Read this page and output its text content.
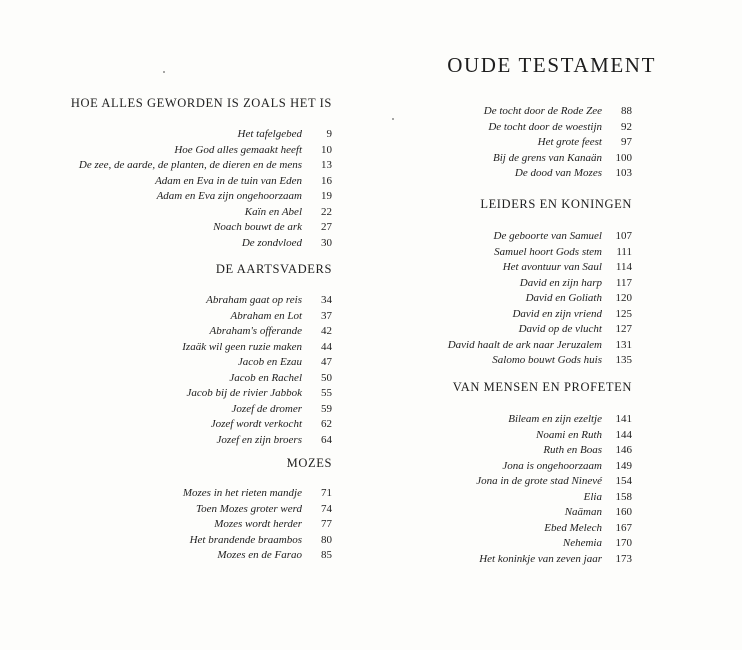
OUDE TESTAMENT
HOE ALLES GEWORDEN IS ZOALS HET IS
Het tafelgebed 9
Hoe God alles gemaakt heeft 10
De zee, de aarde, de planten, de dieren en de mens 13
Adam en Eva in de tuin van Eden 16
Adam en Eva zijn ongehoorzaam 19
Kaïn en Abel 22
Noach bouwt de ark 27
De zondvloed 30
DE AARTSVADERS
Abraham gaat op reis 34
Abraham en Lot 37
Abraham's offerande 42
Izaäk wil geen ruzie maken 44
Jacob en Ezau 47
Jacob en Rachel 50
Jacob bij de rivier Jabbok 55
Jozef de dromer 59
Jozef wordt verkocht 62
Jozef en zijn broers 64
MOZES
Mozes in het rieten mandje 71
Toen Mozes groter werd 74
Mozes wordt herder 77
Het brandende braambos 80
Mozes en de Farao 85
De tocht door de Rode Zee 88
De tocht door de woestijn 92
Het grote feest 97
Bij de grens van Kanaän 100
De dood van Mozes 103
LEIDERS EN KONINGEN
De geboorte van Samuel 107
Samuel hoort Gods stem 111
Het avontuur van Saul 114
David en zijn harp 117
David en Goliath 120
David en zijn vriend 125
David op de vlucht 127
David haalt de ark naar Jeruzalem 131
Salomo bouwt Gods huis 135
VAN MENSEN EN PROFETEN
Bileam en zijn ezeltje 141
Noami en Ruth 144
Ruth en Boas 146
Jona is ongehoorzaam 149
Jona in de grote stad Ninevé 154
Elia 158
Naäman 160
Ebed Melech 167
Nehemia 170
Het koninkje van zeven jaar 173
